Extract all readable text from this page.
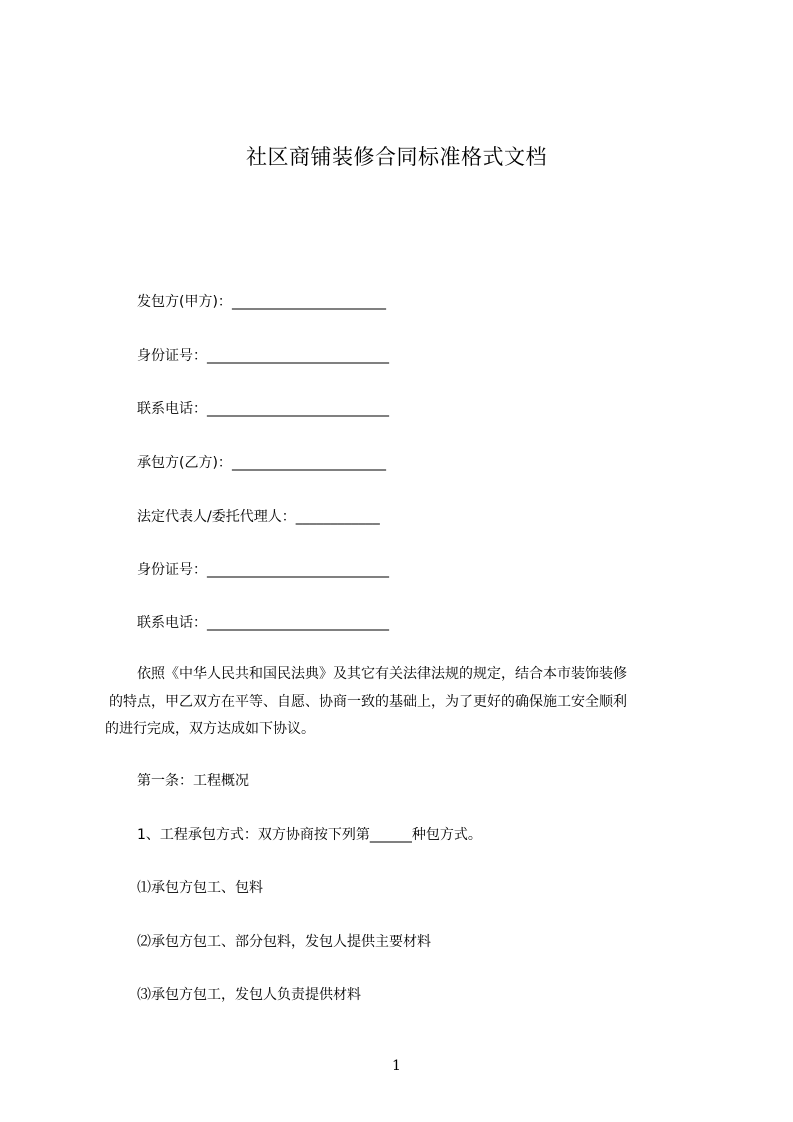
社区商铺装修合同标准格式文档
发包方(甲方)：______________________
身份证号：__________________________
联系电话：__________________________
承包方(乙方)：______________________
法定代表人/委托代理人：____________
身份证号：__________________________
联系电话：__________________________
依照《中华人民共和国民法典》及其它有关法律法规的规定，结合本市装饰装修
的特点，甲乙双方在平等、自愿、协商一致的基础上，为了更好的确保施工安全顺利
的进行完成，双方达成如下协议。
第一条：工程概况
1、工程承包方式：双方协商按下列第______种包方式。
⑴承包方包工、包料
⑵承包方包工、部分包料，发包人提供主要材料
⑶承包方包工，发包人负责提供材料
1
